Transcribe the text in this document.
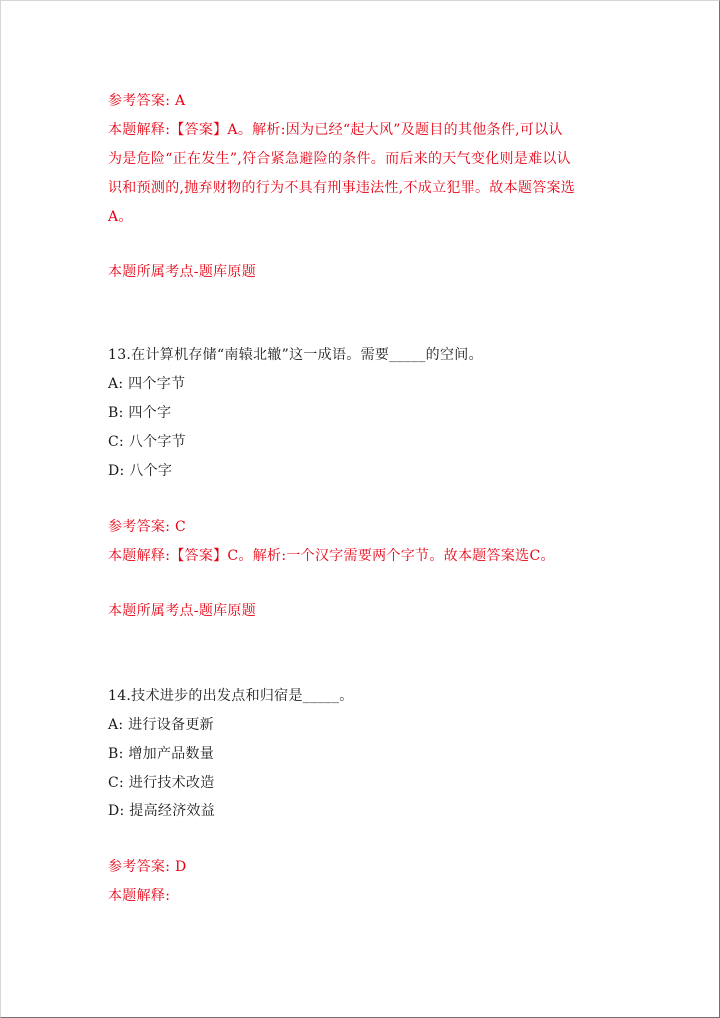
参考答案: A
本题解释:【答案】A。解析:因为已经“起大风”及题目的其他条件,可以认
为是危险“正在发生”,符合紧急避险的条件。而后来的天气变化则是难以认
识和预测的,抛弃财物的行为不具有刑事违法性,不成立犯罪。故本题答案选
A。
本题所属考点-题库原题
13.在计算机存储“南辕北辙”这一成语。需要_____的空间。
A: 四个字节
B: 四个字
C: 八个字节
D: 八个字
参考答案: C
本题解释:【答案】C。解析:一个汉字需要两个字节。故本题答案选C。
本题所属考点-题库原题
14.技术进步的出发点和归宿是_____。
A: 进行设备更新
B: 增加产品数量
C: 进行技术改造
D: 提高经济效益
参考答案: D
本题解释:
